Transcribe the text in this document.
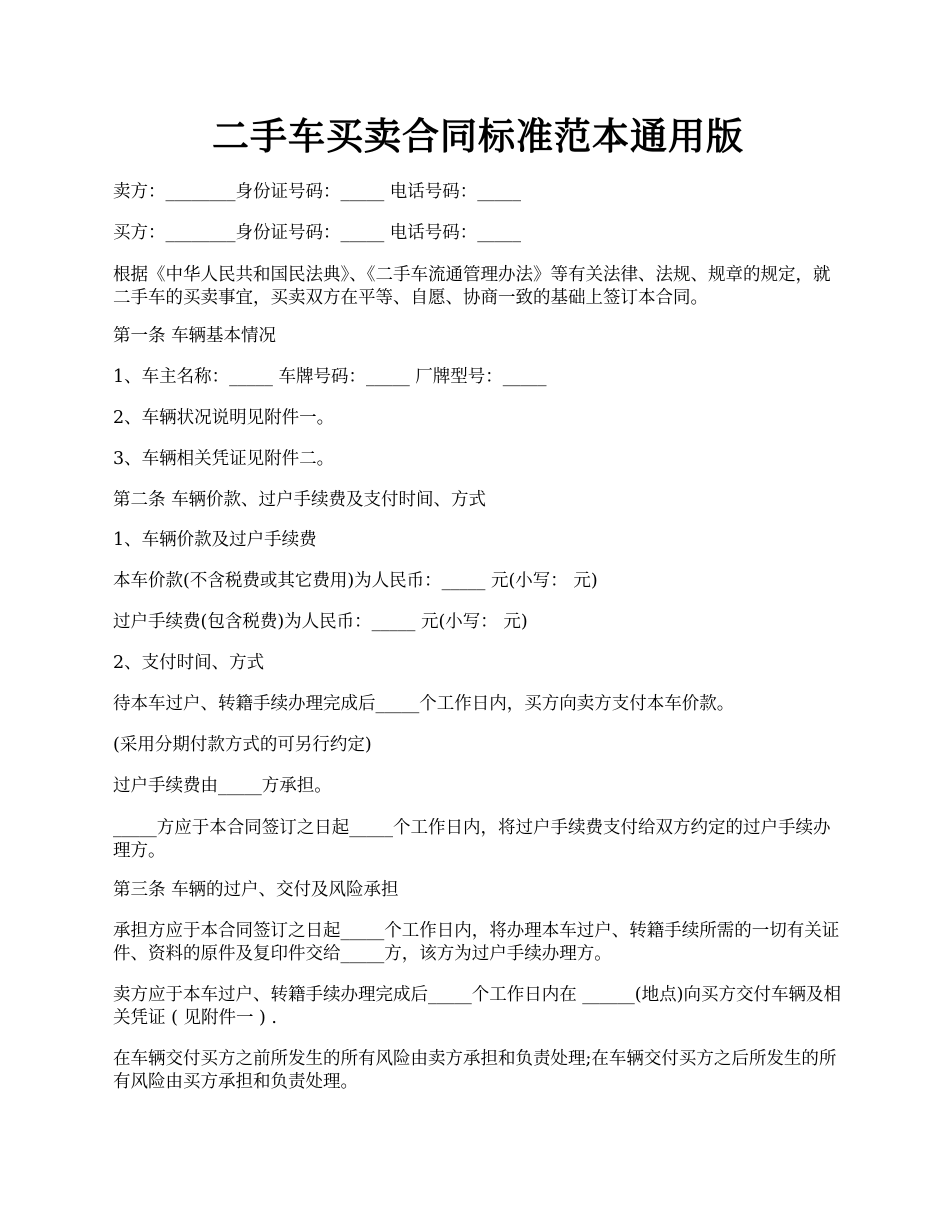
二手车买卖合同标准范本通用版

卖方：________身份证号码：_____ 电话号码：_____

买方：________身份证号码：_____ 电话号码：_____

根据《中华人民共和国民法典》、《二手车流通管理办法》等有关法律、法规、规章的规定，就二手车的买卖事宜，买卖双方在平等、自愿、协商一致的基础上签订本合同。

第一条 车辆基本情况

1、车主名称：_____ 车牌号码：_____ 厂牌型号：_____

2、车辆状况说明见附件一。

3、车辆相关凭证见附件二。

第二条 车辆价款、过户手续费及支付时间、方式

1、车辆价款及过户手续费

本车价款(不含税费或其它费用)为人民币：_____ 元(小写： 元)

过户手续费(包含税费)为人民币：_____ 元(小写： 元)

2、支付时间、方式

待本车过户、转籍手续办理完成后_____个工作日内，买方向卖方支付本车价款。

(采用分期付款方式的可另行约定)

过户手续费由_____方承担。

_____方应于本合同签订之日起_____个工作日内，将过户手续费支付给双方约定的过户手续办理方。

第三条 车辆的过户、交付及风险承担

承担方应于本合同签订之日起_____个工作日内，将办理本车过户、转籍手续所需的一切有关证件、资料的原件及复印件交给_____方，该方为过户手续办理方。

卖方应于本车过户、转籍手续办理完成后_____个工作日内在 ______(地点)向买方交付车辆及相关凭证 ( 见附件一 ) .

在车辆交付买方之前所发生的所有风险由卖方承担和负责处理;在车辆交付买方之后所发生的所有风险由买方承担和负责处理。
